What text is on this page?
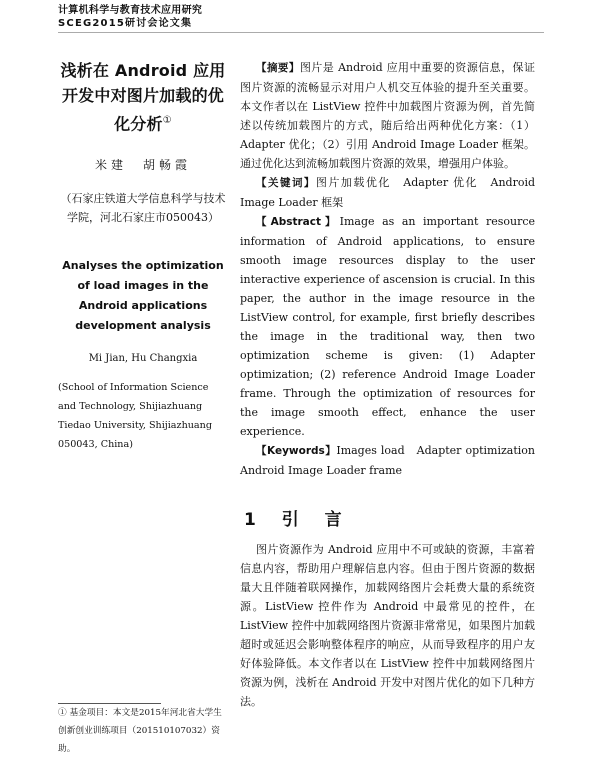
计算机科学与教育技术应用研究
SCEG2015研讨会论文集
浅析在 Android 应用开发中对图片加载的优化分析①
米建　胡畅霞
（石家庄铁道大学信息科学与技术学院，河北石家庄市050043）
Analyses the optimization of load images in the Android applications development analysis
Mi Jian, Hu Changxia
(School of Information Science and Technology, Shijiazhuang Tiedao University, Shijiazhuang 050043, China)
① 基金项目：本文是2015年河北省大学生创新创业训练项目（201510107032）资助。

【摘要】图片是 Android 应用中重要的资源信息，保证图片资源的流畅显示对用户人机交互体验的提升至关重要。本文作者以在 ListView 控件中加载图片资源为例，首先简述以传统加载图片的方式，随后给出两种优化方案：（1）Adapter 优化；（2）引用 Android Image Loader 框架。通过优化达到流畅加载图片资源的效果，增强用户体验。

【关键词】图片加载优化　Adapter 优化　Android Image Loader 框架

【Abstract】Image as an important resource information of Android applications, to ensure smooth image resources display to the user interactive experience of ascension is crucial. In this paper, the author in the image resource in the ListView control, for example, first briefly describes the image in the traditional way, then two optimization scheme is given: (1) Adapter optimization; (2) reference Android Image Loader frame. Through the optimization of resources for the image smooth effect, enhance the user experience.

【Keywords】Images load　Adapter optimization　Android Image Loader frame

1 引 言

图片资源作为 Android 应用中不可或缺的资源，丰富着信息内容，帮助用户理解信息内容。但由于图片资源的数据量大且伴随着联网操作，加载网络图片会耗费大量的系统资源。ListView 控件作为 Android 中最常见的控件，在 ListView 控件中加载网络图片资源非常常见，如果图片加载超时或延迟会影响整体程序的响应，从而导致程序的用户友好体验降低。本文作者以在 ListView 控件中加载网络图片资源为例，浅析在 Android 开发中对图片优化的如下几种方法。
